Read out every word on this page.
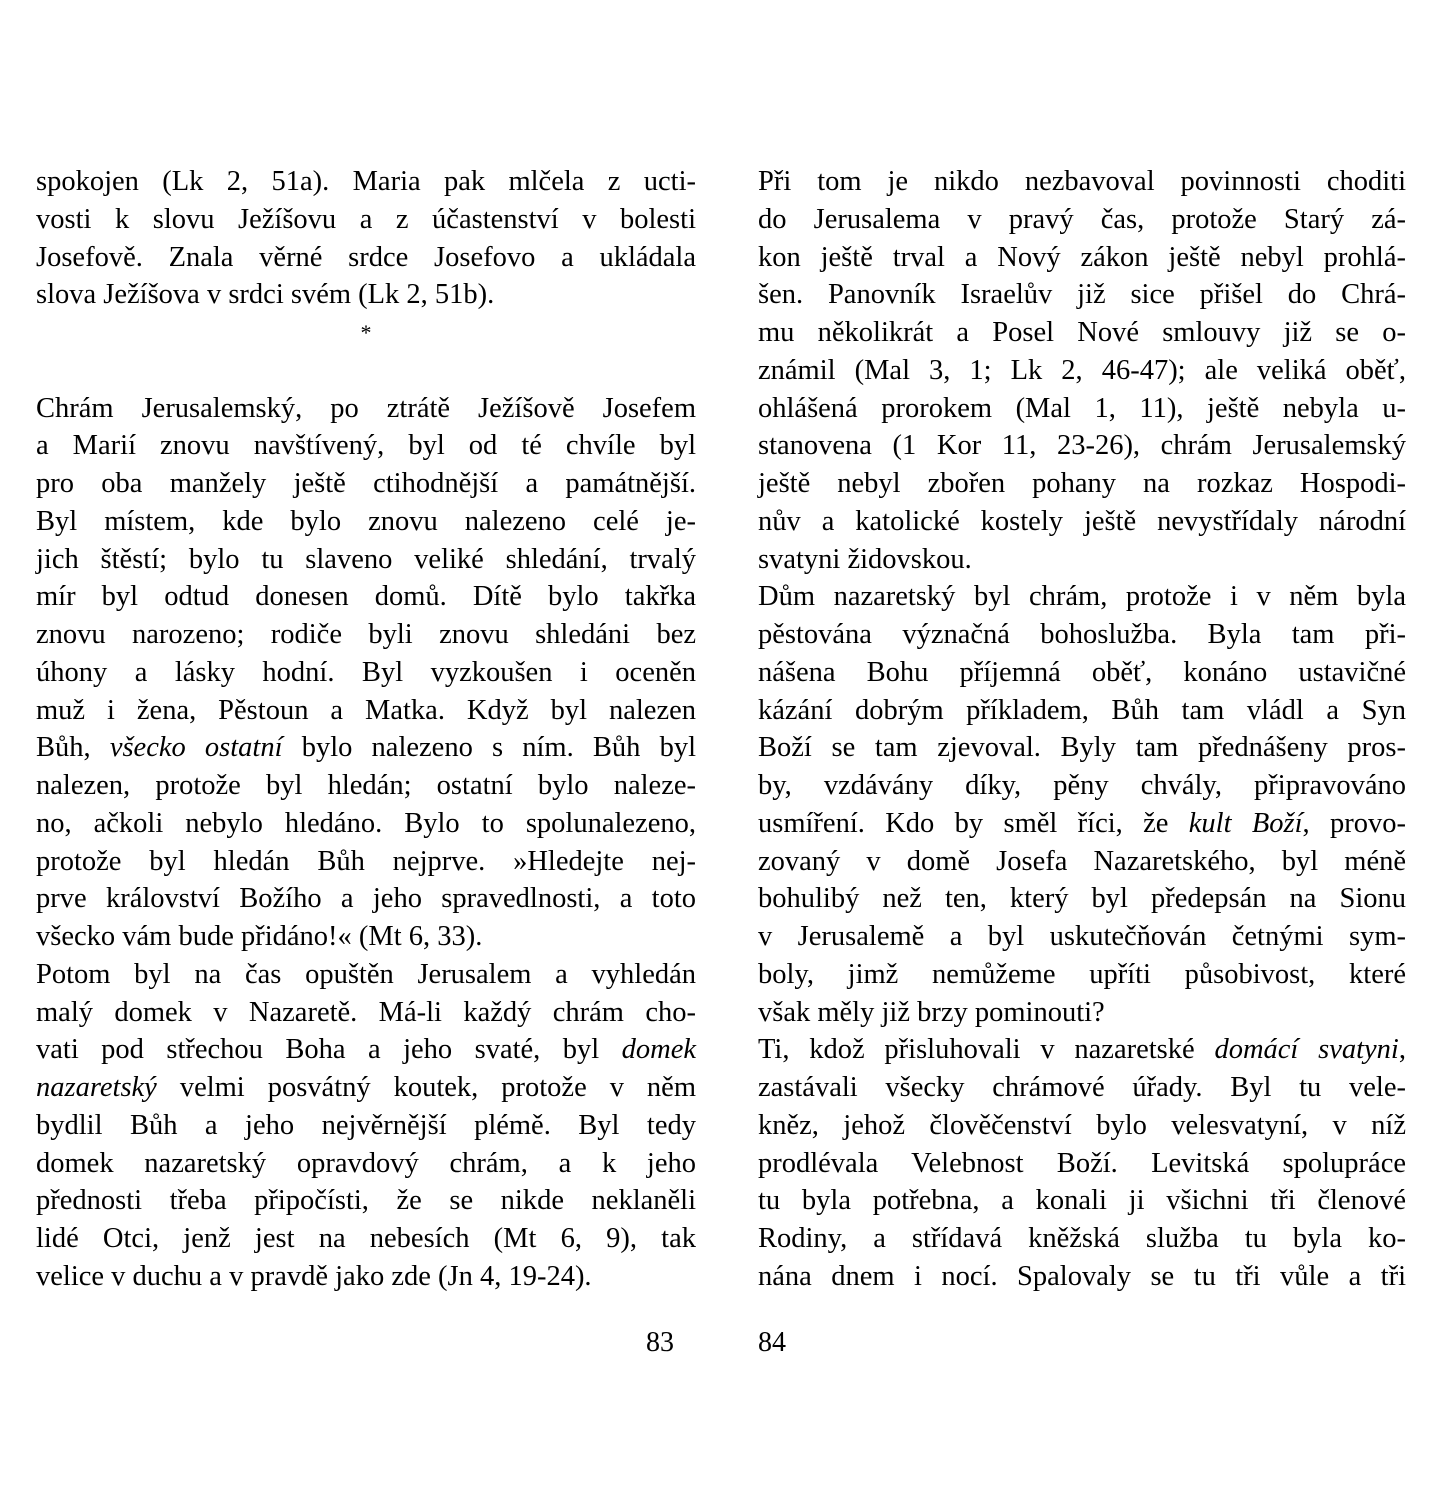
spokojen (Lk 2, 51a). Maria pak mlčela z ucti-
vosti k slovu Ježíšovu a z účastenství v bolesti
Josefově. Znala věrné srdce Josefovo a ukládala
slova Ježíšova v srdci svém (Lk 2, 51b).
*
Chrám Jerusalemský, po ztrátě Ježíšově Josefem
a Marií znovu navštívený, byl od té chvíle byl
pro oba manžely ještě ctihodnější a památnější.
Byl místem, kde bylo znovu nalezeno celé je-
jich štěstí; bylo tu slaveno veliké shledání, trvalý
mír byl odtud donesen domů. Dítě bylo takřka
znovu narozeno; rodiče byli znovu shledáni bez
úhony a lásky hodní. Byl vyzkoušen i oceněn
muž i žena, Pěstoun a Matka. Když byl nalezen
Bůh, všecko ostatní bylo nalezeno s ním. Bůh byl
nalezen, protože byl hledán; ostatní bylo naleze-
no, ačkoli nebylo hledáno. Bylo to spolunalezeno,
protože byl hledán Bůh nejprve. »Hledejte nej-
prve království Božího a jeho spravedlnosti, a toto
všecko vám bude přidáno!« (Mt 6, 33).
Potom byl na čas opuštěn Jerusalem a vyhledán
malý domek v Nazaretě. Má-li každý chrám cho-
vati pod střechou Boha a jeho svaté, byl domek
nazaretský velmi posvátný koutek, protože v něm
bydlil Bůh a jeho nejvěrnější plémě. Byl tedy
domek nazaretský opravdový chrám, a k jeho
přednosti třeba připočísti, že se nikde neklaněli
lidé Otci, jenž jest na nebesích (Mt 6, 9), tak
velice v duchu a v pravdě jako zde (Jn 4, 19-24).
Při tom je nikdo nezbavoval povinnosti choditi
do Jerusalema v pravý čas, protože Starý zá-
kon ještě trval a Nový zákon ještě nebyl prohlá-
šen. Panovník Israelův již sice přišel do Chrá-
mu několikrát a Posel Nové smlouvy již se o-
známil (Mal 3, 1; Lk 2, 46-47); ale veliká oběť,
ohlášená prorokem (Mal 1, 11), ještě nebyla u-
stanovena (1 Kor 11, 23-26), chrám Jerusalemský
ještě nebyl zbořen pohany na rozkaz Hospodi-
nův a katolické kostely ještě nevystřídaly národní
svatyni židovskou.
Dům nazaretský byl chrám, protože i v něm byla
pěstována význačná bohoslužba. Byla tam při-
nášena Bohu příjemná oběť, konáno ustavičné
kázání dobrým příkladem, Bůh tam vládl a Syn
Boží se tam zjevoval. Byly tam přednášeny pros-
by, vzdávány díky, pěny chvály, připravováno
usmíření. Kdo by směl říci, že kult Boží, provo-
zovaný v domě Josefa Nazaretského, byl méně
bohulibý než ten, který byl předepsán na Sionu
v Jerusalemě a byl uskutečňován četnými sym-
boly, jimž nemůžeme upříti působivost, které
však měly již brzy pominouti?
Ti, kdož přisluhovali v nazaretské domácí svatyni,
zastávali všecky chrámové úřady. Byl tu vele-
kněz, jehož člověčenství bylo velesvatyní, v níž
prodlévala Velebnost Boží. Levitská spolupráce
tu byla potřebna, a konali ji všichni tři členové
Rodiny, a střídavá kněžská služba tu byla ko-
nána dnem i nocí. Spalovaly se tu tři vůle a tři
83	84
